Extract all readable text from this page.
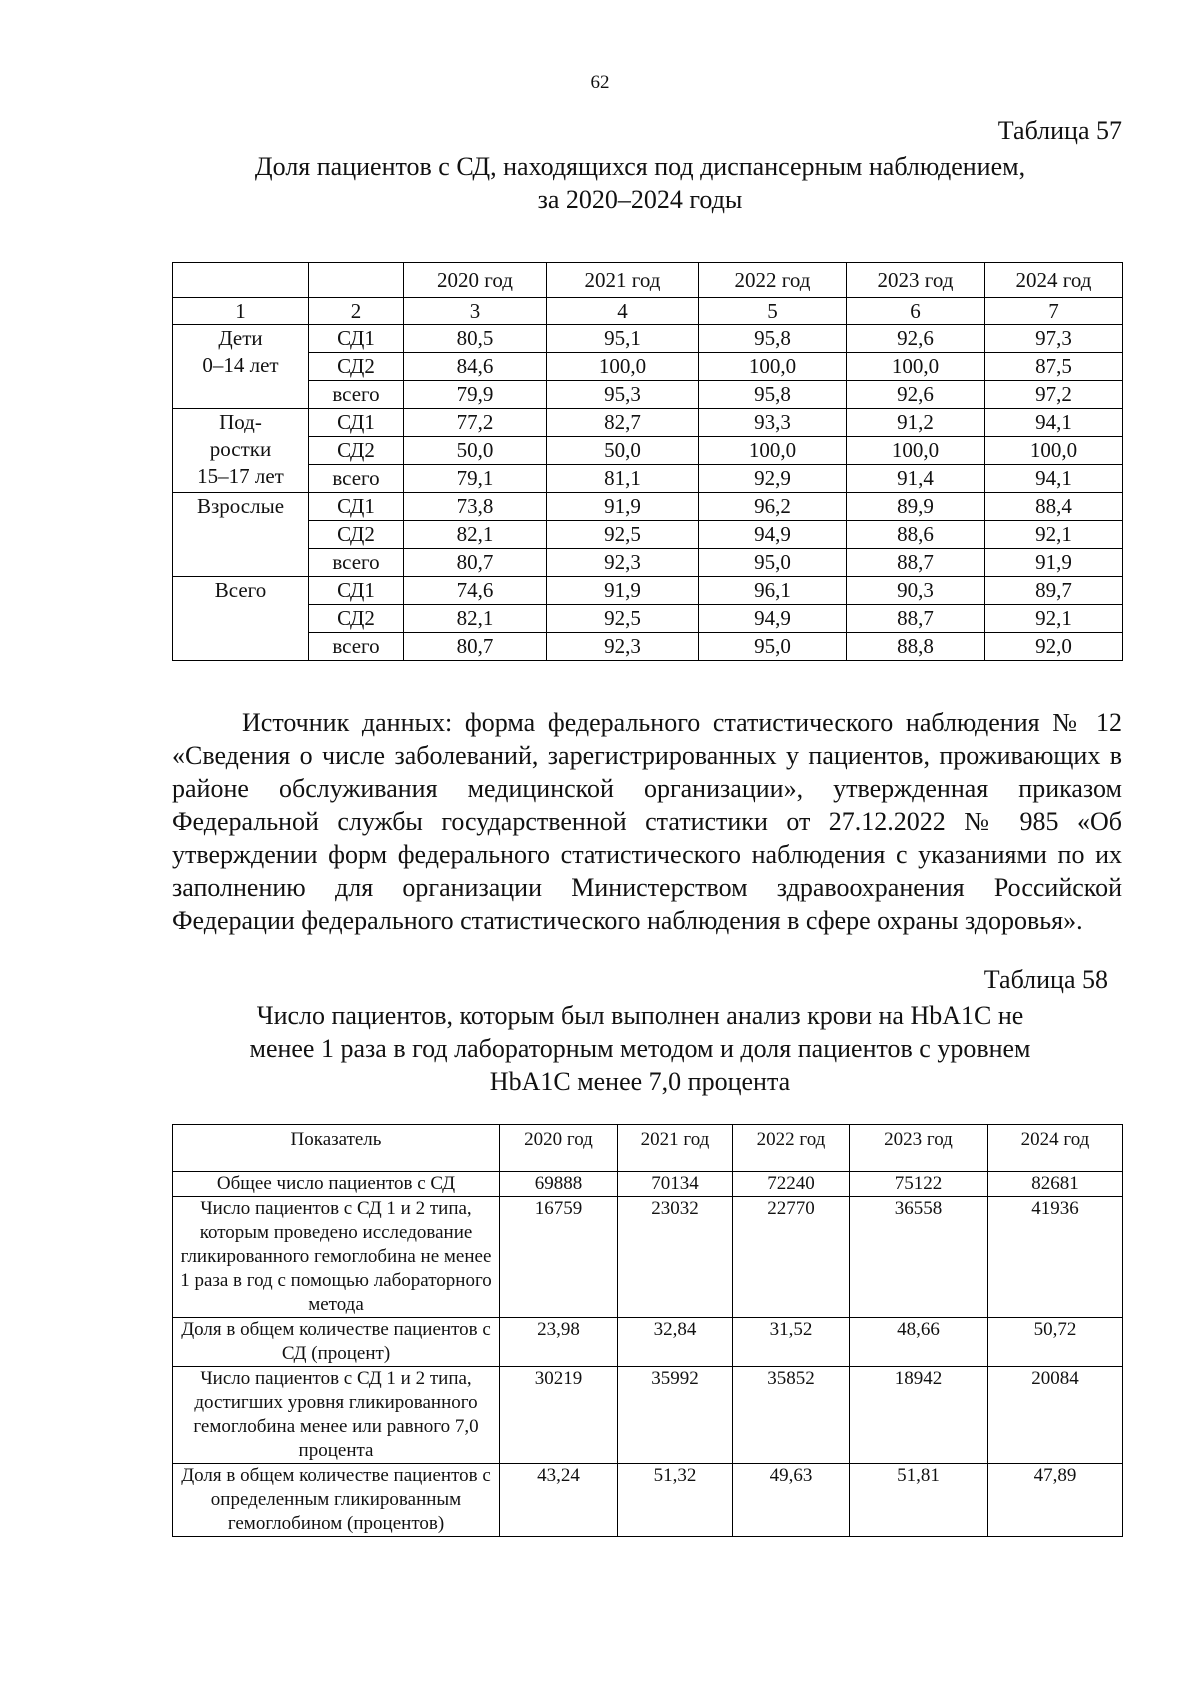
62
Таблица 57
Доля пациентов с СД, находящихся под диспансерным наблюдением,
за 2020–2024 годы
		2020 год	2021 год	2022 год	2023 год	2024 год
1	2	3	4	5	6	7

Дети
0–14 лет	СД1	80,5	95,1	95,8	92,6	97,3
	СД2	84,6	100,0	100,0	100,0	87,5
	всего	79,9	95,3	95,8	92,6	97,2

Под-
ростки
15–17 лет	СД1	77,2	82,7	93,3	91,2	94,1
	СД2	50,0	50,0	100,0	100,0	100,0
	всего	79,1	81,1	92,9	91,4	94,1

Взрослые	СД1	73,8	91,9	96,2	89,9	88,4
	СД2	82,1	92,5	94,9	88,6	92,1
	всего	80,7	92,3	95,0	88,7	91,9

Всего	СД1	74,6	91,9	96,1	90,3	89,7
	СД2	82,1	92,5	94,9	88,7	92,1
	всего	80,7	92,3	95,0	88,8	92,0

Источник данных: форма федерального статистического наблюдения № 12 «Сведения о числе заболеваний, зарегистрированных у пациентов, проживающих в районе обслуживания медицинской организации», утвержденная приказом Федеральной службы государственной статистики от 27.12.2022 № 985 «Об утверждении форм федерального статистического наблюдения с указаниями по их заполнению для организации Министерством здравоохранения Российской Федерации федерального статистического наблюдения в сфере охраны здоровья».

Таблица 58
Число пациентов, которым был выполнен анализ крови на HbA1C не
менее 1 раза в год лабораторным методом и доля пациентов с уровнем
HbA1C менее 7,0 процента
Показатель	2020 год	2021 год	2022 год	2023 год	2024 год
Общее число пациентов с СД	69888	70134	72240	75122	82681
Число пациентов с СД 1 и 2 типа, которым проведено исследование гликированного гемоглобина не менее 1 раза в год с помощью лабораторного метода	16759	23032	22770	36558	41936
Доля в общем количестве пациентов с СД (процент)	23,98	32,84	31,52	48,66	50,72
Число пациентов с СД 1 и 2 типа, достигших уровня гликированного гемоглобина менее или равного 7,0 процента	30219	35992	35852	18942	20084
Доля в общем количестве пациентов с определенным гликированным гемоглобином (процентов)	43,24	51,32	49,63	51,81	47,89
